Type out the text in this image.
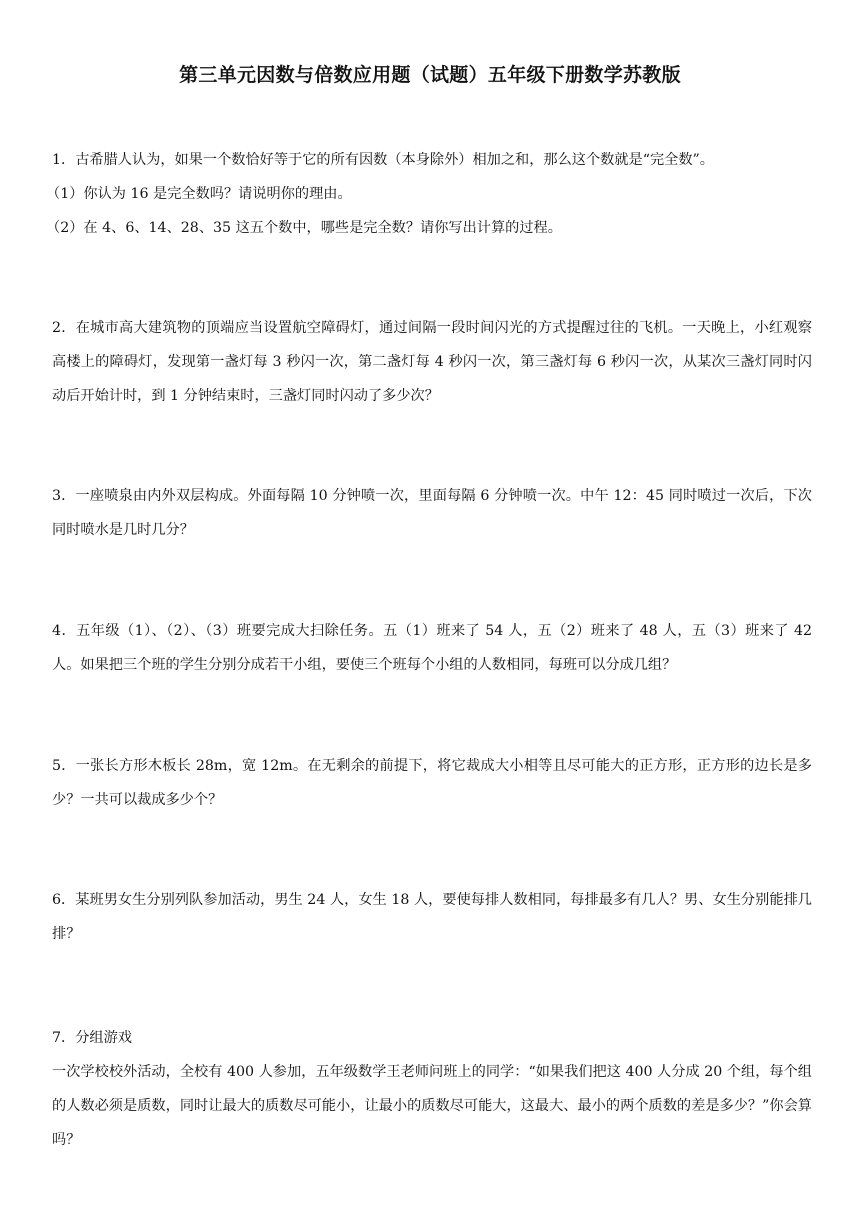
第三单元因数与倍数应用题（试题）五年级下册数学苏教版

1．古希腊人认为，如果一个数恰好等于它的所有因数（本身除外）相加之和，那么这个数就是“完全数”。

（1）你认为 16 是完全数吗？请说明你的理由。

（2）在 4、6、14、28、35 这五个数中，哪些是完全数？请你写出计算的过程。

2．在城市高大建筑物的顶端应当设置航空障碍灯，通过间隔一段时间闪光的方式提醒过往的飞机。一天晚上，小红观察高楼上的障碍灯，发现第一盏灯每 3 秒闪一次，第二盏灯每 4 秒闪一次，第三盏灯每 6 秒闪一次，从某次三盏灯同时闪动后开始计时，到 1 分钟结束时，三盏灯同时闪动了多少次？

3．一座喷泉由内外双层构成。外面每隔 10 分钟喷一次，里面每隔 6 分钟喷一次。中午 12：45 同时喷过一次后，下次同时喷水是几时几分？

4．五年级（1）、（2）、（3）班要完成大扫除任务。五（1）班来了 54 人，五（2）班来了 48 人，五（3）班来了 42 人。如果把三个班的学生分别分成若干小组，要使三个班每个小组的人数相同，每班可以分成几组？

5．一张长方形木板长 28m，宽 12m。在无剩余的前提下，将它裁成大小相等且尽可能大的正方形，正方形的边长是多少？一共可以裁成多少个？

6．某班男女生分别列队参加活动，男生 24 人，女生 18 人，要使每排人数相同，每排最多有几人？男、女生分别能排几排？

7．分组游戏

一次学校校外活动，全校有 400 人参加，五年级数学王老师问班上的同学：“如果我们把这 400 人分成 20 个组，每个组的人数必须是质数，同时让最大的质数尽可能小，让最小的质数尽可能大，这最大、最小的两个质数的差是多少？”你会算吗？
